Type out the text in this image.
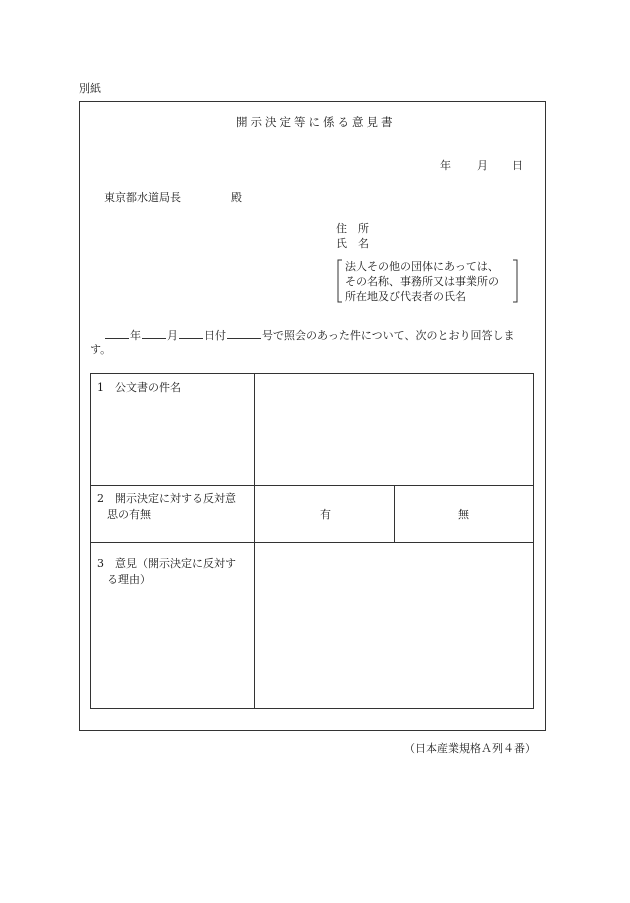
別紙
開示決定等に係る意見書
年 月 日
東京都水道局長	殿
住　所
氏　名
法人その他の団体にあっては、
その名称、事務所又は事業所の
所在地及び代表者の氏名
年 月 日付	号で照会のあった件について、次のとおり回答しま
す。
1　公文書の件名
2　開示決定に対する反対意
思の有無	有	無
3　意見（開示決定に反対す
る理由）
（日本産業規格Ａ列４番）
